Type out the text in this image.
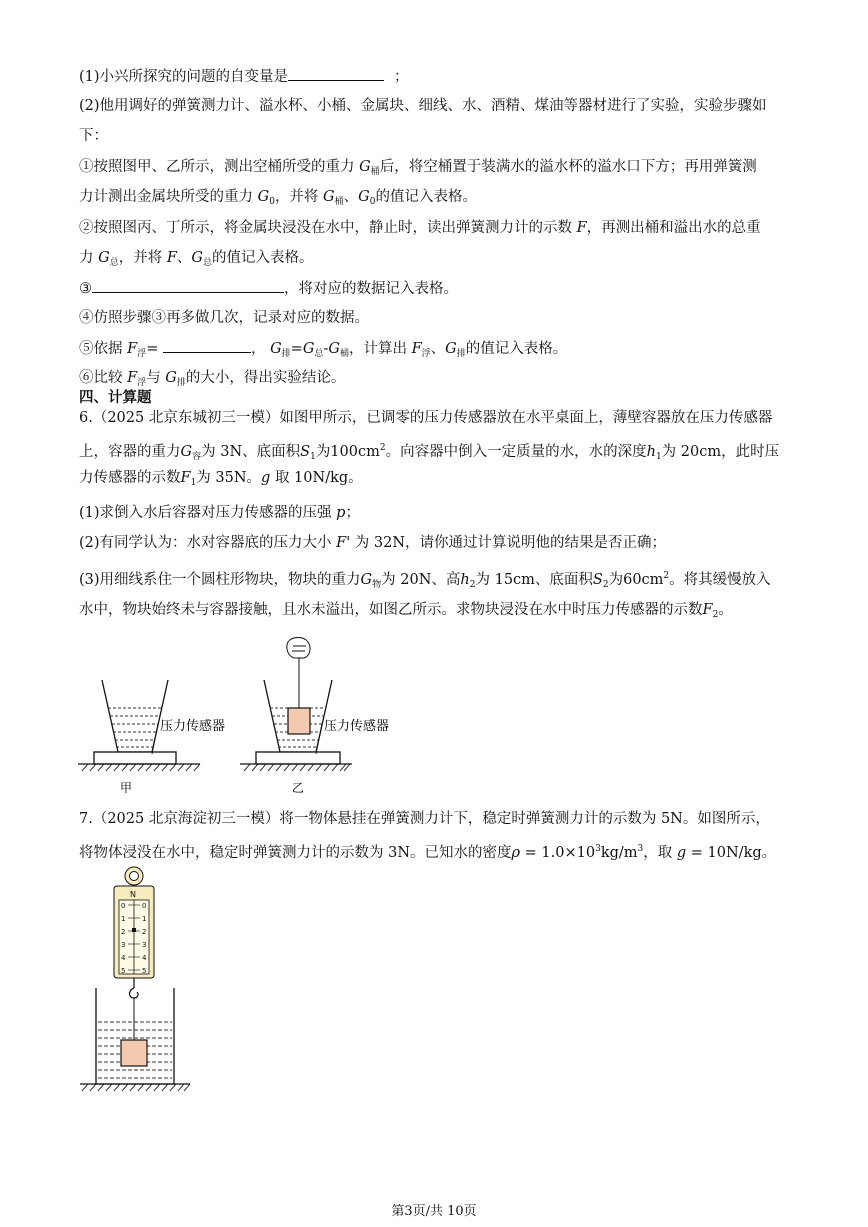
(1)小兴所探究的问题的自变量是	；
(2)他用调好的弹簧测力计、溢水杯、小桶、金属块、细线、水、酒精、煤油等器材进行了实验，实验步骤如
下：
①按照图甲、乙所示，测出空桶所受的重力 $G_桶$后，将空桶置于装满水的溢水杯的溢水口下方；再用弹簧测
力计测出金属块所受的重力 $G_0$，并将 $G_桶$、$G_0$的值记入表格。
②按照图丙、丁所示，将金属块浸没在水中，静止时，读出弹簧测力计的示数 F，再测出桶和溢出水的总重
力 $G_总$，并将 F、$G_总$的值记入表格。
③	，将对应的数据记入表格。
④仿照步骤③再多做几次，记录对应的数据。
⑤依据 $F_浮=$	， $G_排=G_总-G_桶$，计算出 $F_浮$、$G_排$的值记入表格。
⑥比较 $F_浮$与 $G_排$的大小，得出实验结论。
四、计算题
6.（2025 北京东城初三一模）如图甲所示，已调零的压力传感器放在水平桌面上，薄壁容器放在压力传感器
上，容器的重力$G_容$为 3N、底面积$S_1$为$100cm^2$。向容器中倒入一定质量的水，水的深度$h_1$为 20cm，此时压
力传感器的示数$F_1$为 35N。g 取 10N/kg。
(1)求倒入水后容器对压力传感器的压强 p；
(2)有同学认为：水对容器底的压力大小 F' 为 32N，请你通过计算说明他的结果是否正确；
(3)用细线系住一个圆柱形物块，物块的重力$G_物$为 20N、高$h_2$为 15cm、底面积$S_2$为$60cm^2$。将其缓慢放入
水中，物块始终未与容器接触，且水未溢出，如图乙所示。求物块浸没在水中时压力传感器的示数$F_2$。
压力传感器
甲
压力传感器
乙
7.（2025 北京海淀初三一模）将一物体悬挂在弹簧测力计下，稳定时弹簧测力计的示数为 5N。如图所示，
将物体浸没在水中，稳定时弹簧测力计的示数为 3N。已知水的密度$\rho = 1.0\times 10^3kg/m^3$，取 g = 10N/kg。
N
0 0
1 1
2 2
3 3
4 4
5 5
第3页/共 10页
